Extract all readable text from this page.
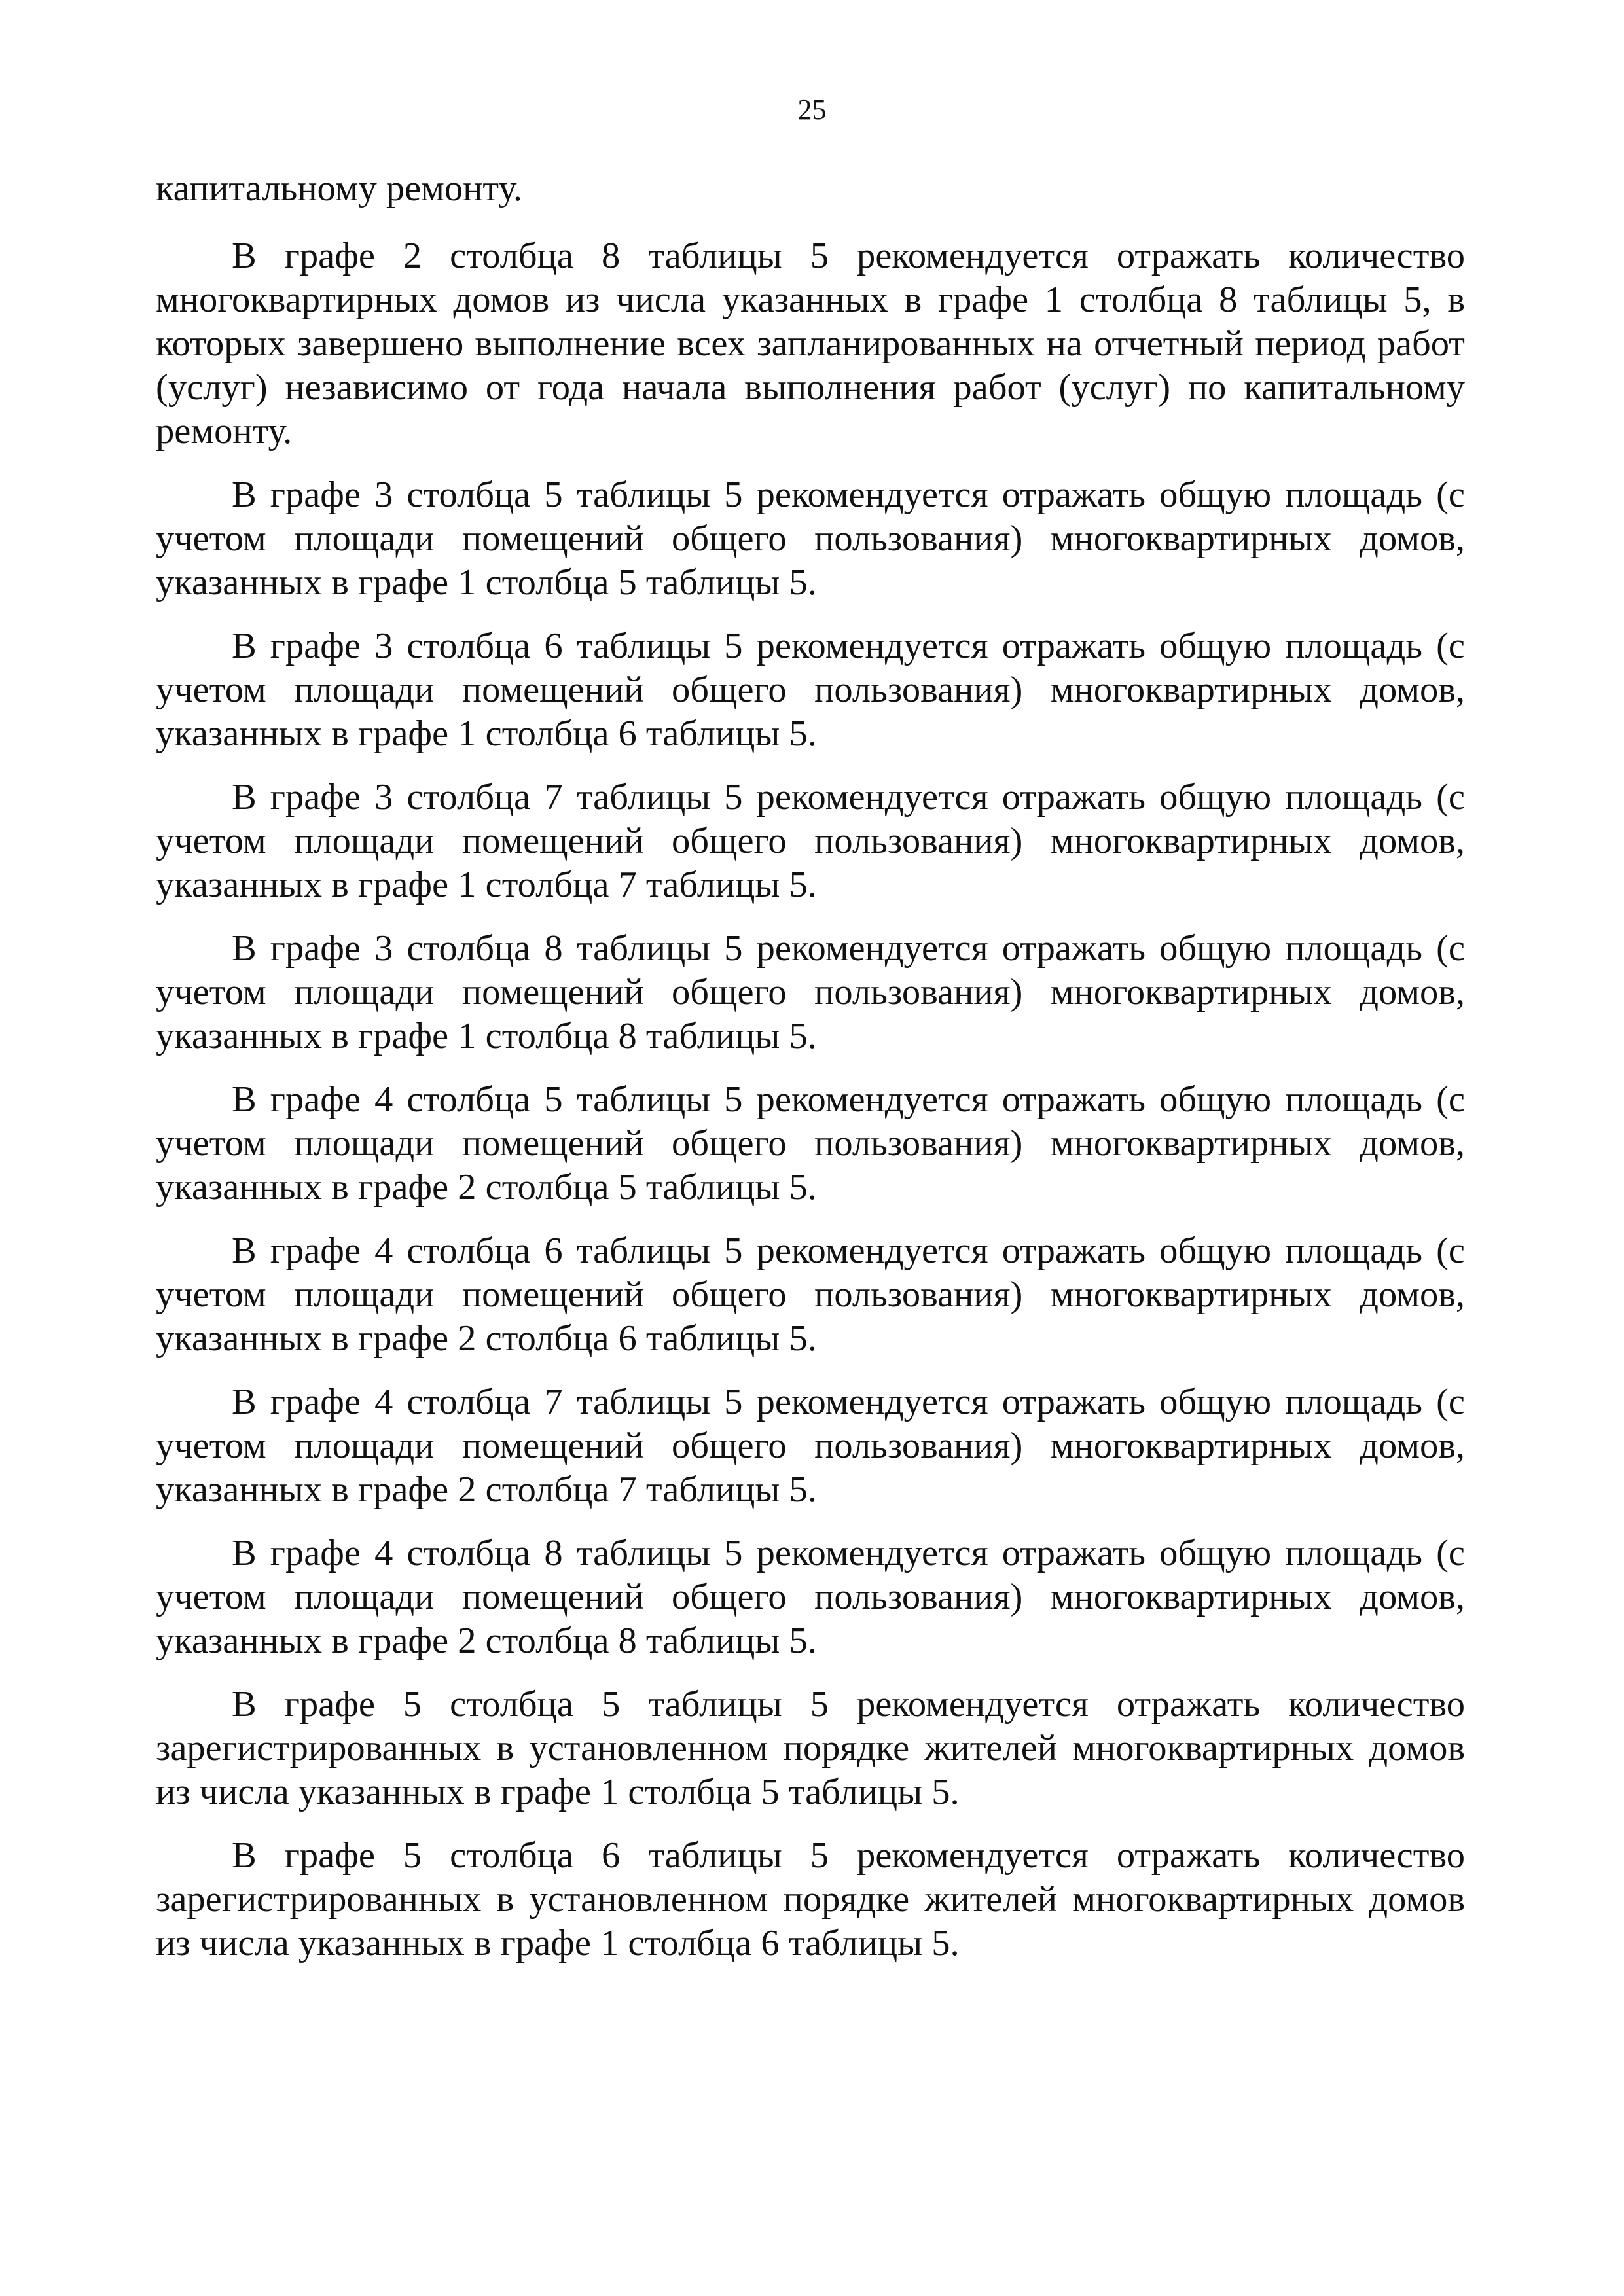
25

капитальному ремонту.

В графе 2 столбца 8 таблицы 5 рекомендуется отражать количество многоквартирных домов из числа указанных в графе 1 столбца 8 таблицы 5, в которых завершено выполнение всех запланированных на отчетный период работ (услуг) независимо от года начала выполнения работ (услуг) по капитальному ремонту.

В графе 3 столбца 5 таблицы 5 рекомендуется отражать общую площадь (с учетом площади помещений общего пользования) многоквартирных домов, указанных в графе 1 столбца 5 таблицы 5.

В графе 3 столбца 6 таблицы 5 рекомендуется отражать общую площадь (с учетом площади помещений общего пользования) многоквартирных домов, указанных в графе 1 столбца 6 таблицы 5.

В графе 3 столбца 7 таблицы 5 рекомендуется отражать общую площадь (с учетом площади помещений общего пользования) многоквартирных домов, указанных в графе 1 столбца 7 таблицы 5.

В графе 3 столбца 8 таблицы 5 рекомендуется отражать общую площадь (с учетом площади помещений общего пользования) многоквартирных домов, указанных в графе 1 столбца 8 таблицы 5.

В графе 4 столбца 5 таблицы 5 рекомендуется отражать общую площадь (с учетом площади помещений общего пользования) многоквартирных домов, указанных в графе 2 столбца 5 таблицы 5.

В графе 4 столбца 6 таблицы 5 рекомендуется отражать общую площадь (с учетом площади помещений общего пользования) многоквартирных домов, указанных в графе 2 столбца 6 таблицы 5.

В графе 4 столбца 7 таблицы 5 рекомендуется отражать общую площадь (с учетом площади помещений общего пользования) многоквартирных домов, указанных в графе 2 столбца 7 таблицы 5.

В графе 4 столбца 8 таблицы 5 рекомендуется отражать общую площадь (с учетом площади помещений общего пользования) многоквартирных домов, указанных в графе 2 столбца 8 таблицы 5.

В графе 5 столбца 5 таблицы 5 рекомендуется отражать количество зарегистрированных в установленном порядке жителей многоквартирных домов из числа указанных в графе 1 столбца 5 таблицы 5.

В графе 5 столбца 6 таблицы 5 рекомендуется отражать количество зарегистрированных в установленном порядке жителей многоквартирных домов из числа указанных в графе 1 столбца 6 таблицы 5.
